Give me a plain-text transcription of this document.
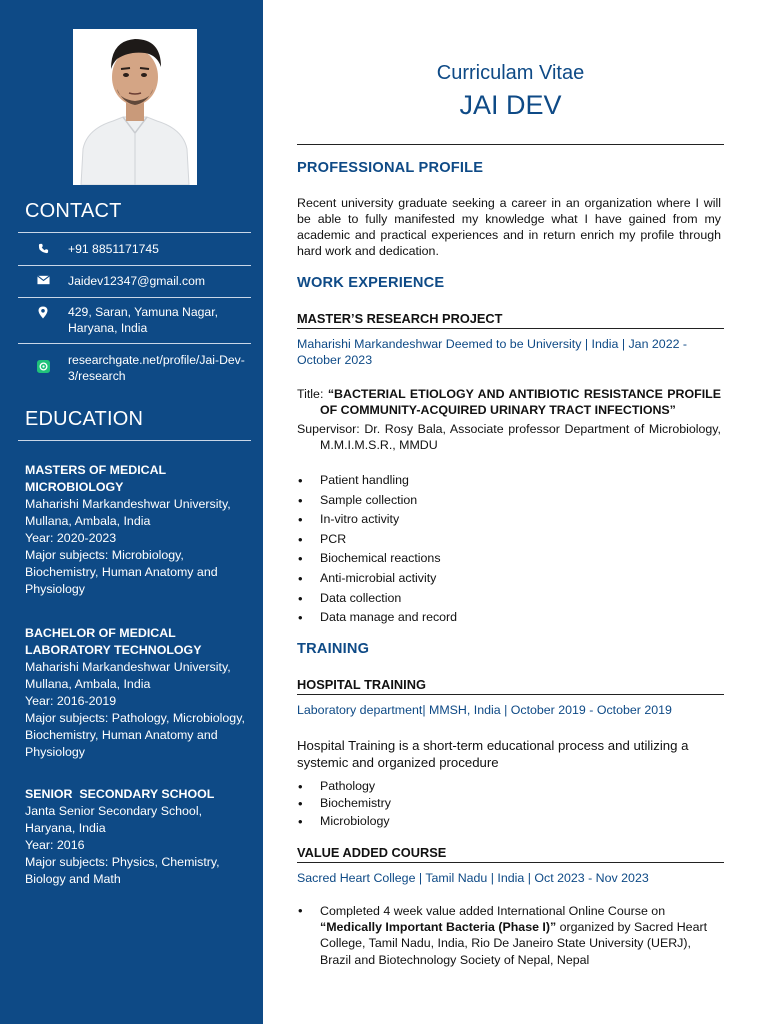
CONTACT
+91 8851171745
Jaidev12347@gmail.com
429, Saran, Yamuna Nagar, Haryana, India
researchgate.net/profile/Jai-Dev-3/research
EDUCATION
MASTERS OF MEDICAL MICROBIOLOGY
Maharishi Markandeshwar University, Mullana, Ambala, India
Year: 2020-2023
Major subjects: Microbiology, Biochemistry, Human Anatomy and Physiology
BACHELOR OF MEDICAL LABORATORY TECHNOLOGY
Maharishi Markandeshwar University, Mullana, Ambala, India
Year: 2016-2019
Major subjects: Pathology, Microbiology, Biochemistry, Human Anatomy and Physiology
SENIOR  SECONDARY SCHOOL
Janta Senior Secondary School, Haryana, India
Year: 2016
Major subjects: Physics, Chemistry, Biology and Math
Curriculam Vitae
JAI DEV
PROFESSIONAL PROFILE
Recent university graduate seeking a career in an organization where I will be able to fully manifested my knowledge what I have gained from my academic and practical experiences and in return enrich my profile through hard work and dedication.
WORK EXPERIENCE
MASTER’S RESEARCH PROJECT
Maharishi Markandeshwar Deemed to be University | India | Jan 2022 - October 2023
Title: “BACTERIAL ETIOLOGY AND ANTIBIOTIC RESISTANCE PROFILE OF COMMUNITY-ACQUIRED URINARY TRACT INFECTIONS”
Supervisor: Dr. Rosy Bala, Associate professor Department of Microbiology, M.M.I.M.S.R., MMDU
• Patient handling
• Sample collection
• In-vitro activity
• PCR
• Biochemical reactions
• Anti-microbial activity
• Data collection
• Data manage and record
TRAINING
HOSPITAL TRAINING
Laboratory department| MMSH, India | October 2019 - October 2019
Hospital Training is a short-term educational process and utilizing a systemic and organized procedure
• Pathology
• Biochemistry
• Microbiology
VALUE ADDED COURSE
Sacred Heart College | Tamil Nadu | India | Oct 2023 - Nov 2023
• Completed 4 week value added International Online Course on “Medically Important Bacteria (Phase I)” organized by Sacred Heart College, Tamil Nadu, India, Rio De Janeiro State University (UERJ), Brazil and Biotechnology Society of Nepal, Nepal
